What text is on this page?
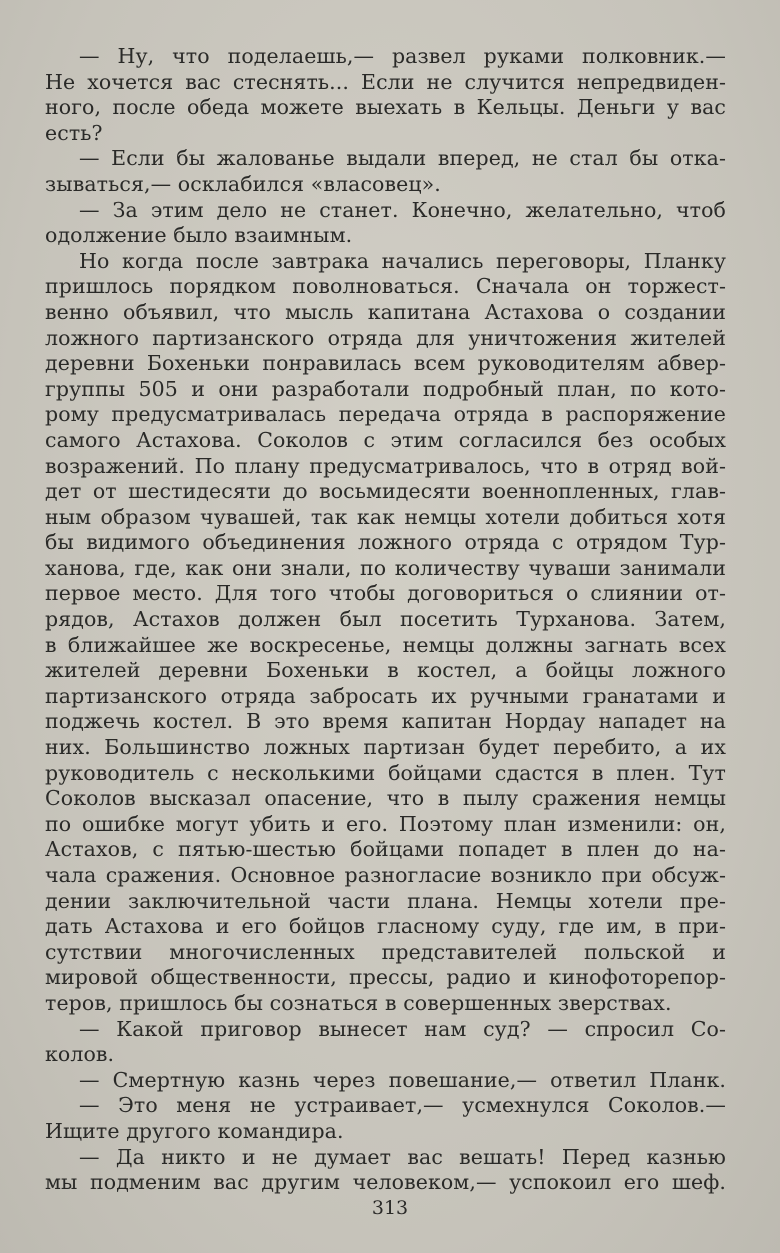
— Ну, что поделаешь,— развел руками полковник.—
Не хочется вас стеснять... Если не случится непредвиден-
ного, после обеда можете выехать в Кельцы. Деньги у вас
есть?
— Если бы жалованье выдали вперед, не стал бы отка-
зываться,— осклабился «власовец».
— За этим дело не станет. Конечно, желательно, чтоб
одолжение было взаимным.
Но когда после завтрака начались переговоры, Планку
пришлось порядком поволноваться. Сначала он торжест-
венно объявил, что мысль капитана Астахова о создании
ложного партизанского отряда для уничтожения жителей
деревни Бохеньки понравилась всем руководителям абвер-
группы 505 и они разработали подробный план, по кото-
рому предусматривалась передача отряда в распоряжение
самого Астахова. Соколов с этим согласился без особых
возражений. По плану предусматривалось, что в отряд вой-
дет от шестидесяти до восьмидесяти военнопленных, глав-
ным образом чувашей, так как немцы хотели добиться хотя
бы видимого объединения ложного отряда с отрядом Тур-
ханова, где, как они знали, по количеству чуваши занимали
первое место. Для того чтобы договориться о слиянии от-
рядов, Астахов должен был посетить Турханова. Затем,
в ближайшее же воскресенье, немцы должны загнать всех
жителей деревни Бохеньки в костел, а бойцы ложного
партизанского отряда забросать их ручными гранатами и
поджечь костел. В это время капитан Нордау нападет на
них. Большинство ложных партизан будет перебито, а их
руководитель с несколькими бойцами сдастся в плен. Тут
Соколов высказал опасение, что в пылу сражения немцы
по ошибке могут убить и его. Поэтому план изменили: он,
Астахов, с пятью-шестью бойцами попадет в плен до на-
чала сражения. Основное разногласие возникло при обсуж-
дении заключительной части плана. Немцы хотели пре-
дать Астахова и его бойцов гласному суду, где им, в при-
сутствии многочисленных представителей польской и
мировой общественности, прессы, радио и кинофоторепор-
теров, пришлось бы сознаться в совершенных зверствах.
— Какой приговор вынесет нам суд? — спросил Со-
колов.
— Смертную казнь через повешание,— ответил Планк.
— Это меня не устраивает,— усмехнулся Соколов.—
Ищите другого командира.
— Да никто и не думает вас вешать! Перед казнью
мы подменим вас другим человеком,— успокоил его шеф.
313
